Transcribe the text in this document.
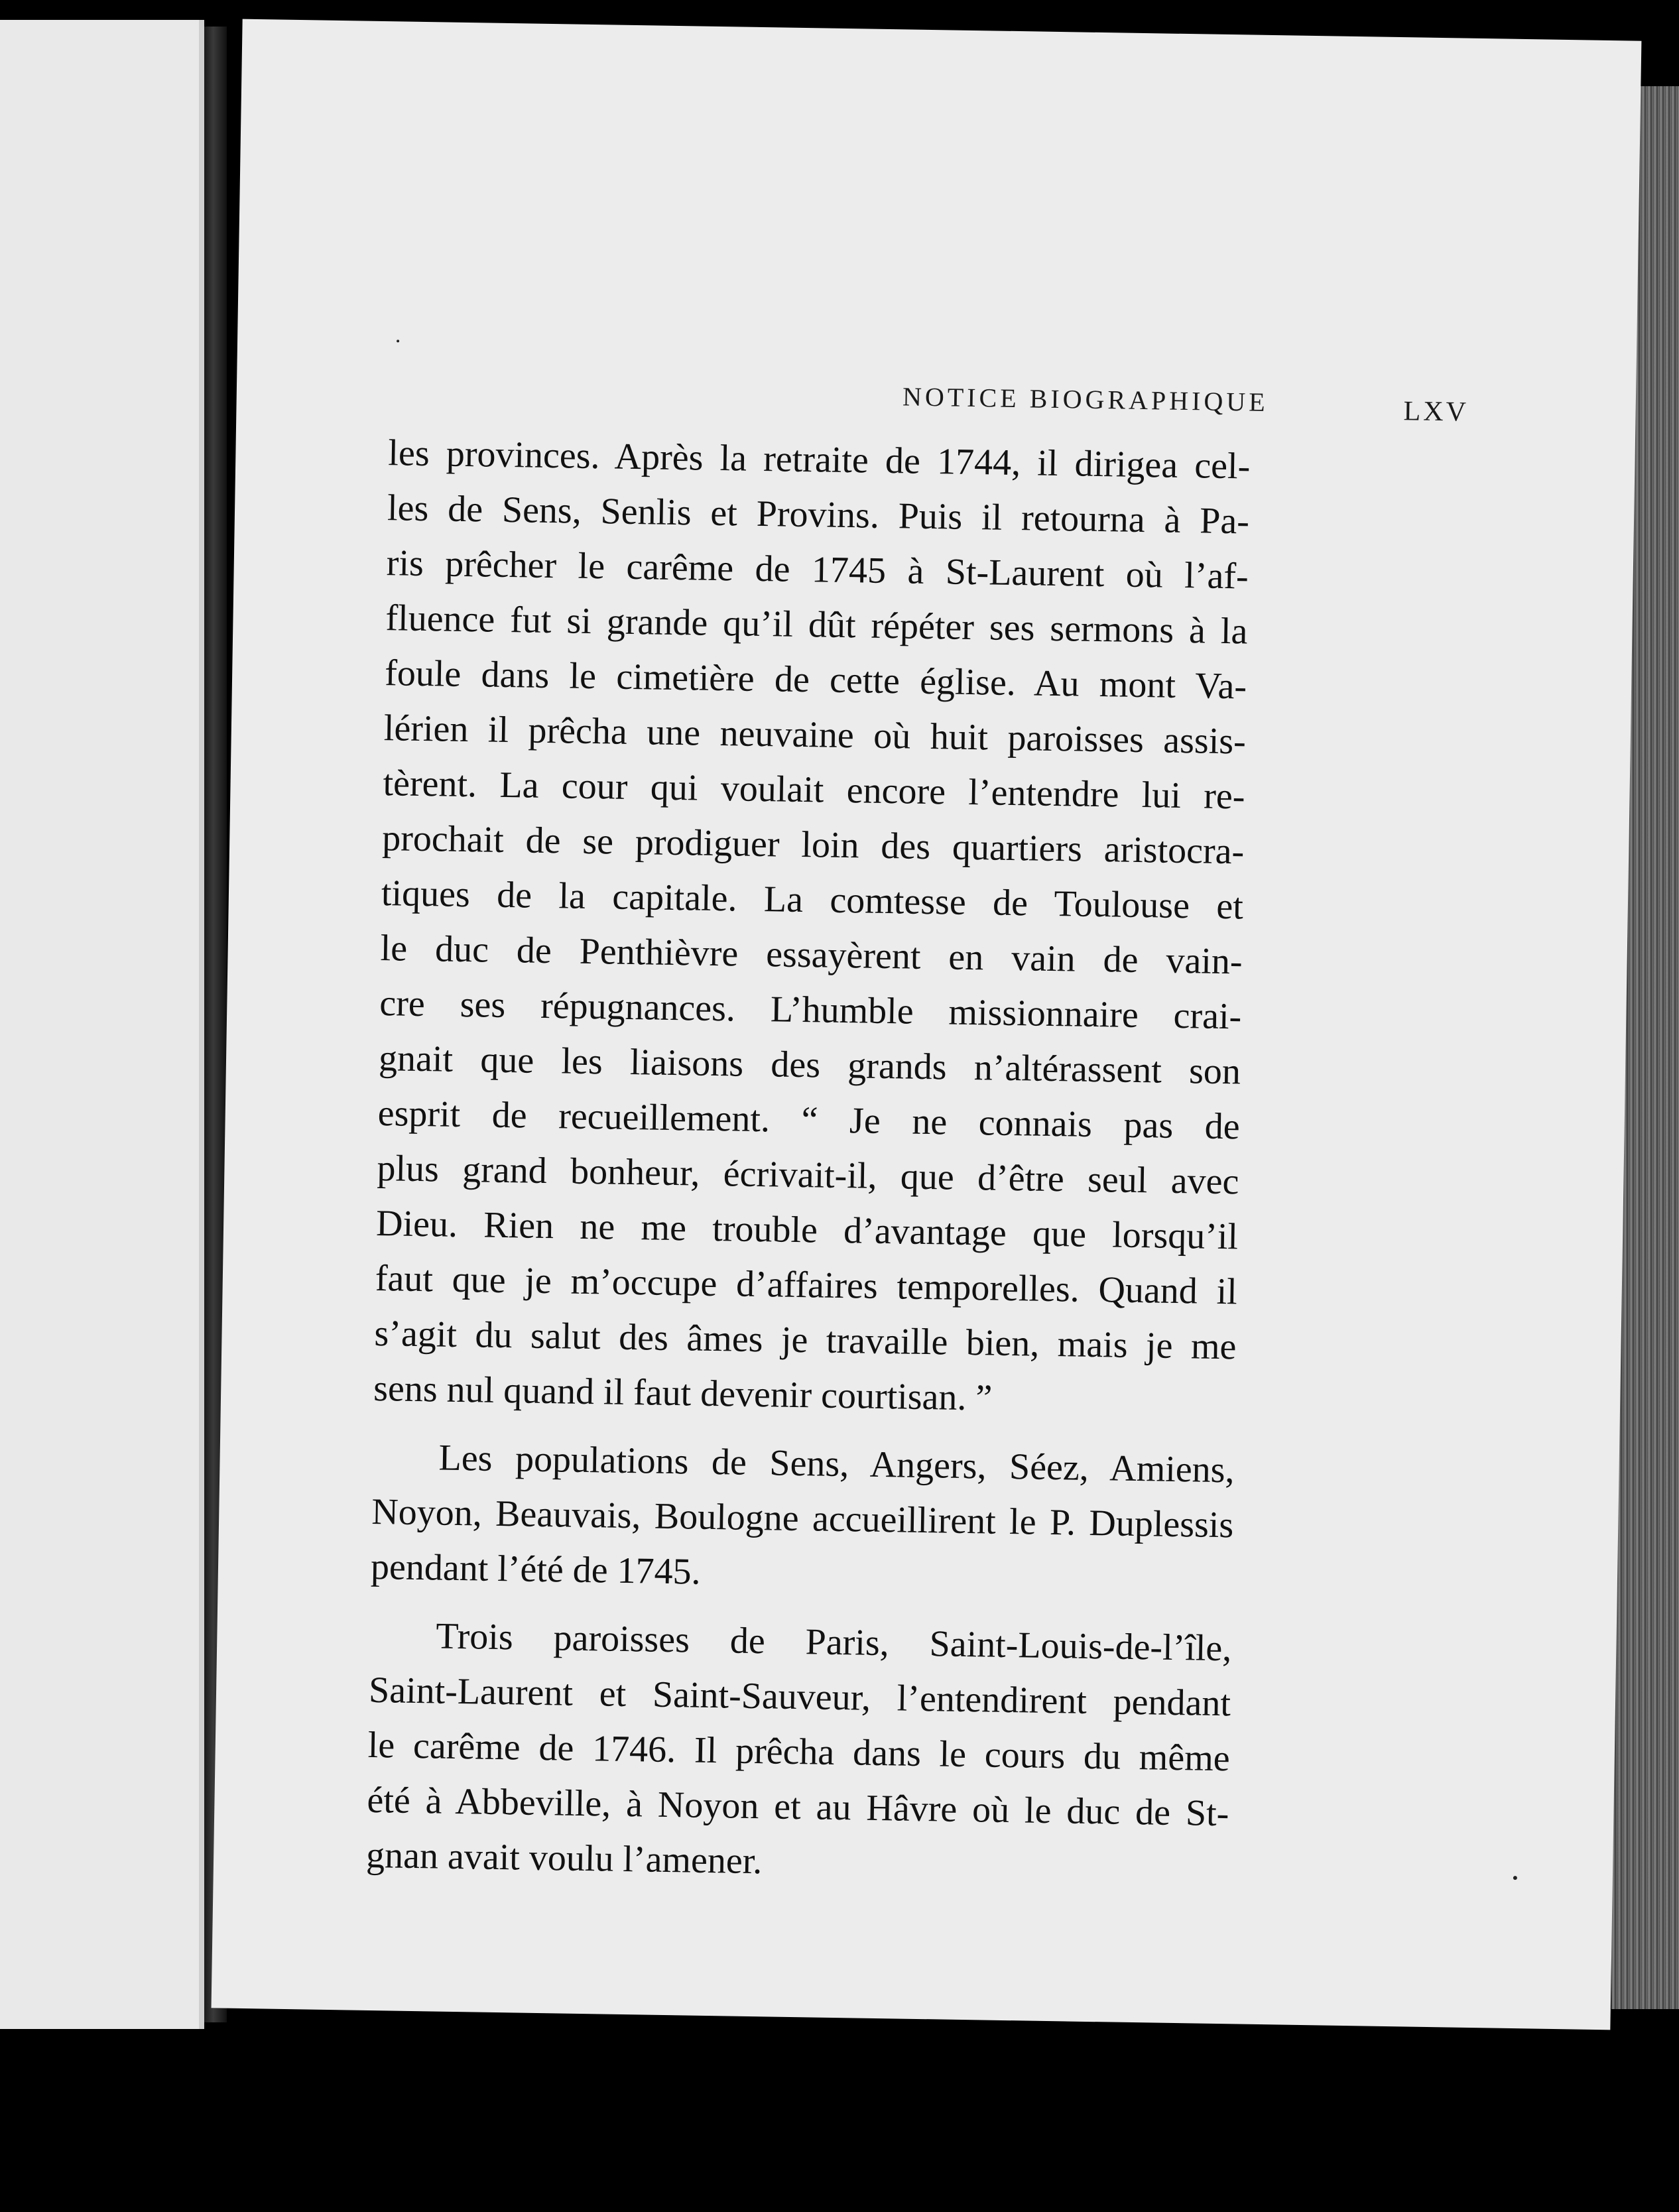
NOTICE BIOGRAPHIQUE	LXV
les provinces. Après la retraite de 1744, il dirigea cel-
les de Sens, Senlis et Provins. Puis il retourna à Pa-
ris prêcher le carême de 1745 à St-Laurent où l’af-
fluence fut si grande qu’il dût répéter ses sermons à la
foule dans le cimetière de cette église. Au mont Va-
lérien il prêcha une neuvaine où huit paroisses assis-
tèrent. La cour qui voulait encore l’entendre lui re-
prochait de se prodiguer loin des quartiers aristocra-
tiques de la capitale. La comtesse de Toulouse et
le duc de Penthièvre essayèrent en vain de vain-
cre ses répugnances. L’humble missionnaire crai-
gnait que les liaisons des grands n’altérassent son
esprit de recueillement. “ Je ne connais pas de
plus grand bonheur, écrivait-il, que d’être seul avec
Dieu. Rien ne me trouble d’avantage que lorsqu’il
faut que je m’occupe d’affaires temporelles. Quand il
s’agit du salut des âmes je travaille bien, mais je me
sens nul quand il faut devenir courtisan. ”
Les populations de Sens, Angers, Séez, Amiens,
Noyon, Beauvais, Boulogne accueillirent le P. Duplessis
pendant l’été de 1745.
Trois paroisses de Paris, Saint-Louis-de-l’île,
Saint-Laurent et Saint-Sauveur, l’entendirent pendant
le carême de 1746. Il prêcha dans le cours du même
été à Abbeville, à Noyon et au Hâvre où le duc de St-
gnan avait voulu l’amener.
